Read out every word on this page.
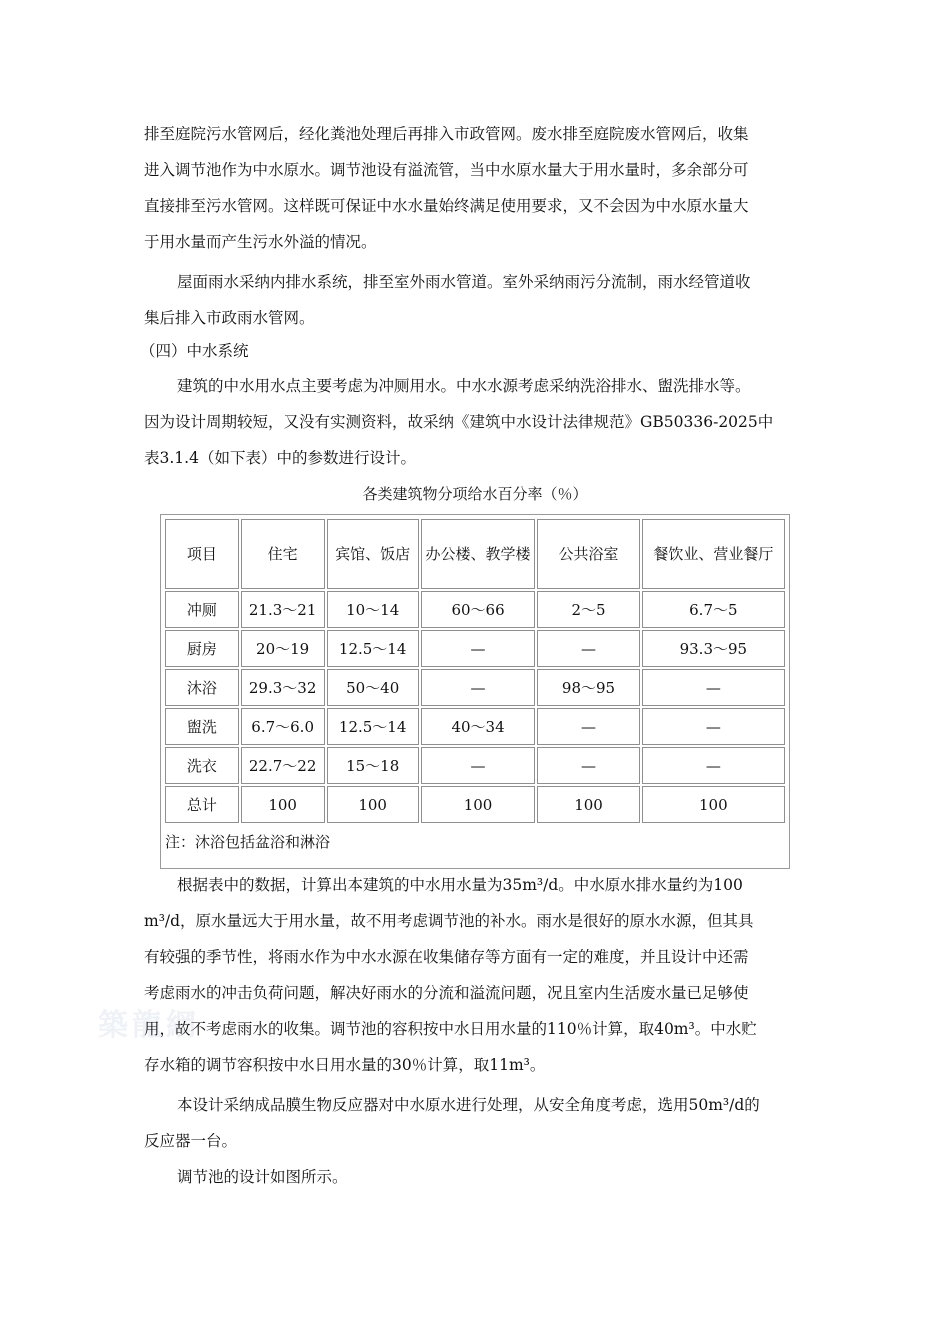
築龍網
排至庭院污水管网后，经化粪池处理后再排入市政管网。废水排至庭院废水管网后，收集
进入调节池作为中水原水。调节池设有溢流管，当中水原水量大于用水量时，多余部分可
直接排至污水管网。这样既可保证中水水量始终满足使用要求，又不会因为中水原水量大
于用水量而产生污水外溢的情况。
屋面雨水采纳内排水系统，排至室外雨水管道。室外采纳雨污分流制，雨水经管道收
集后排入市政雨水管网。
（四）中水系统
建筑的中水用水点主要考虑为冲厕用水。中水水源考虑采纳洗浴排水、盥洗排水等。
因为设计周期较短，又没有实测资料，故采纳《建筑中水设计法律规范》GB50336-2025中
表3.1.4（如下表）中的参数进行设计。
各类建筑物分项给水百分率（％）
项目	住宅	宾馆、饭店	办公楼、教学楼	公共浴室	餐饮业、营业餐厅
冲厕	21.3～21	10～14	60～66	2～5	6.7～5
厨房	20～19	12.5～14	—	—	93.3～95
沐浴	29.3～32	50～40	—	98～95	—
盥洗	6.7～6.0	12.5～14	40～34	—	—
洗衣	22.7～22	15～18	—	—	—
总计	100	100	100	100	100
注：沐浴包括盆浴和淋浴					
根据表中的数据，计算出本建筑的中水用水量为35m³/d。中水原水排水量约为100
m³/d，原水量远大于用水量，故不用考虑调节池的补水。雨水是很好的原水水源，但其具
有较强的季节性，将雨水作为中水水源在收集储存等方面有一定的难度，并且设计中还需
考虑雨水的冲击负荷问题，解决好雨水的分流和溢流问题，况且室内生活废水量已足够使
用，故不考虑雨水的收集。调节池的容积按中水日用水量的110％计算，取40m³。中水贮
存水箱的调节容积按中水日用水量的30％计算，取11m³。
本设计采纳成品膜生物反应器对中水原水进行处理，从安全角度考虑，选用50m³/d的
反应器一台。
调节池的设计如图所示。
